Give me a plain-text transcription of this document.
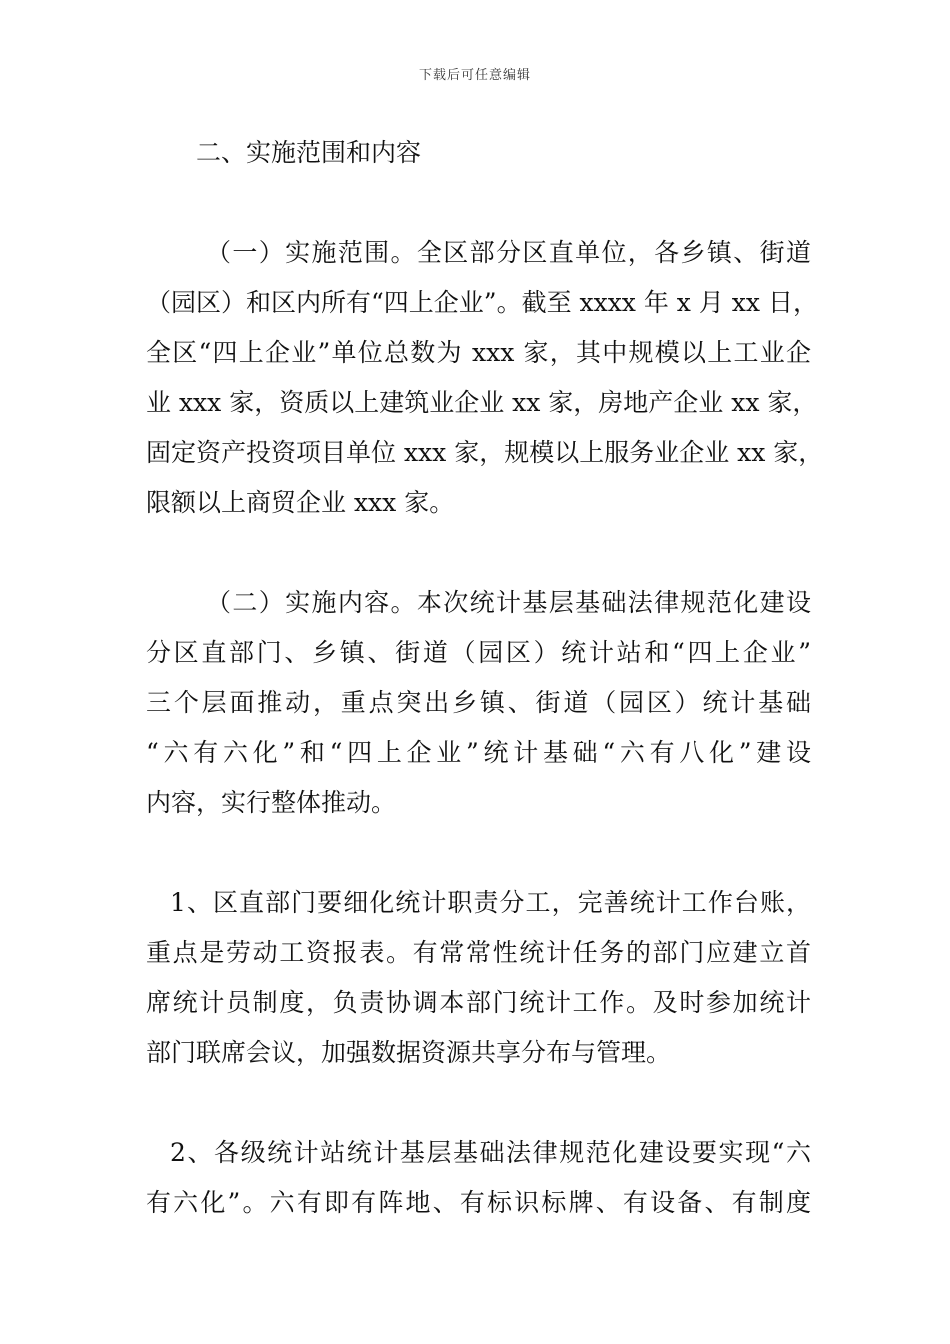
下载后可任意编辑
二、实施范围和内容
（一）实施范围。全区部分区直单位，各乡镇、街道
（园区）和区内所有“四上企业”。截至 xxxx 年 x 月 xx 日，
全区“四上企业”单位总数为 xxx 家，其中规模以上工业企
业 xxx 家，资质以上建筑业企业 xx 家，房地产企业 xx 家，
固定资产投资项目单位 xxx 家，规模以上服务业企业 xx 家，
限额以上商贸企业 xxx 家。
（二）实施内容。本次统计基层基础法律规范化建设
分区直部门、乡镇、街道（园区）统计站和“四上企业”
三个层面推动，重点突出乡镇、街道（园区）统计基础
“六有六化”和“四上企业”统计基础“六有八化”建设
内容，实行整体推动。
1、区直部门要细化统计职责分工，完善统计工作台账，
重点是劳动工资报表。有常常性统计任务的部门应建立首
席统计员制度，负责协调本部门统计工作。及时参加统计
部门联席会议，加强数据资源共享分布与管理。
2、各级统计站统计基层基础法律规范化建设要实现“六
有六化”。六有即有阵地、有标识标牌、有设备、有制度
